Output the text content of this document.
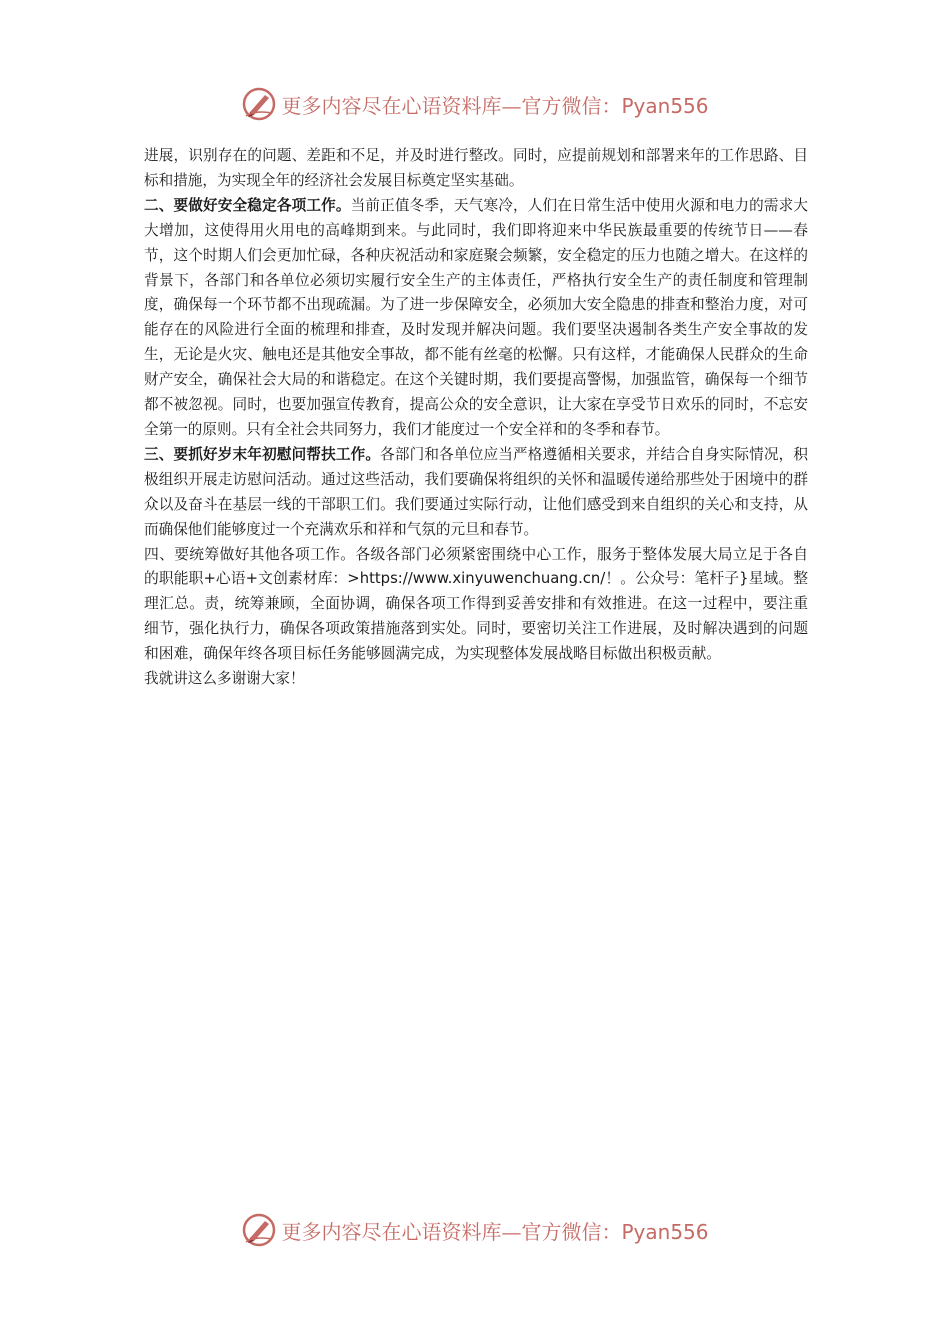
更多内容尽在心语资料库—官方微信：Pyan556

进展，识别存在的问题、差距和不足，并及时进行整改。同时，应提前规划和部署来年的工作思路、目标和措施，为实现全年的经济社会发展目标奠定坚实基础。

二、要做好安全稳定各项工作。当前正值冬季，天气寒冷，人们在日常生活中使用火源和电力的需求大大增加，这使得用火用电的高峰期到来。与此同时，我们即将迎来中华民族最重要的传统节日——春节，这个时期人们会更加忙碌，各种庆祝活动和家庭聚会频繁，安全稳定的压力也随之增大。在这样的背景下，各部门和各单位必须切实履行安全生产的主体责任，严格执行安全生产的责任制度和管理制度，确保每一个环节都不出现疏漏。为了进一步保障安全，必须加大安全隐患的排查和整治力度，对可能存在的风险进行全面的梳理和排查，及时发现并解决问题。我们要坚决遏制各类生产安全事故的发生，无论是火灾、触电还是其他安全事故，都不能有丝毫的松懈。只有这样，才能确保人民群众的生命财产安全，确保社会大局的和谐稳定。在这个关键时期，我们要提高警惕，加强监管，确保每一个细节都不被忽视。同时，也要加强宣传教育，提高公众的安全意识，让大家在享受节日欢乐的同时，不忘安全第一的原则。只有全社会共同努力，我们才能度过一个安全祥和的冬季和春节。

三、要抓好岁末年初慰问帮扶工作。各部门和各单位应当严格遵循相关要求，并结合自身实际情况，积极组织开展走访慰问活动。通过这些活动，我们要确保将组织的关怀和温暖传递给那些处于困境中的群众以及奋斗在基层一线的干部职工们。我们要通过实际行动，让他们感受到来自组织的关心和支持，从而确保他们能够度过一个充满欢乐和祥和气氛的元旦和春节。

四、要统筹做好其他各项工作。各级各部门必须紧密围绕中心工作，服务于整体发展大局立足于各自的职能职+心语+文创素材库：>https://www.xinyuwenchuang.cn/！。公众号：笔杆子}星域。整理汇总。责，统筹兼顾，全面协调，确保各项工作得到妥善安排和有效推进。在这一过程中，要注重细节，强化执行力，确保各项政策措施落到实处。同时，要密切关注工作进展，及时解决遇到的问题和困难，确保年终各项目标任务能够圆满完成，为实现整体发展战略目标做出积极贡献。

我就讲这么多谢谢大家！

更多内容尽在心语资料库—官方微信：Pyan556
